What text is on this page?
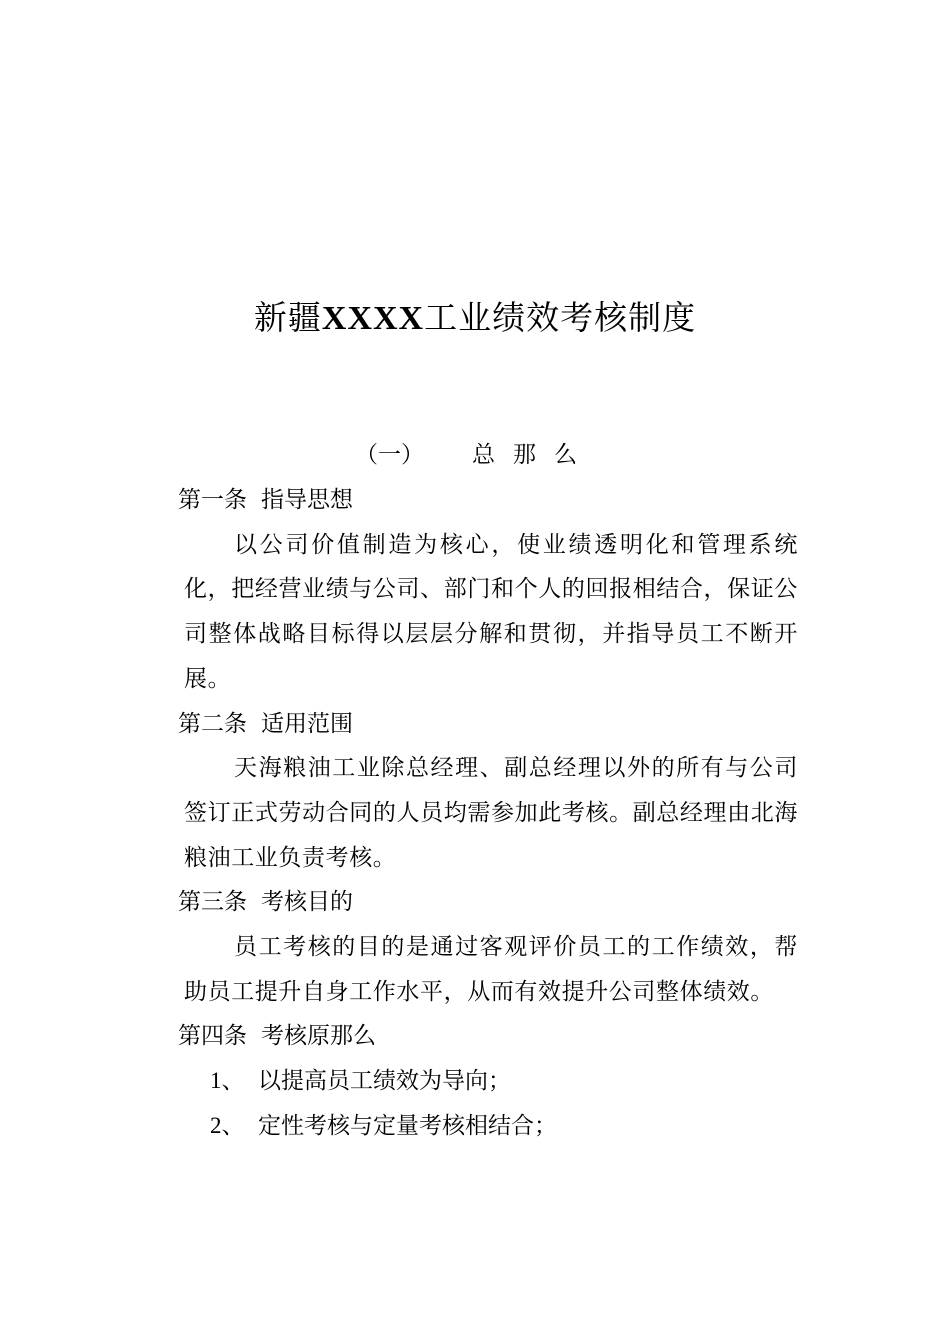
新疆XXXX工业绩效考核制度
（一） 总那么

第一条 指导思想

以公司价值制造为核心，使业绩透明化和管理系统化，把经营业绩与公司、部门和个人的回报相结合，保证公司整体战略目标得以层层分解和贯彻，并指导员工不断开展。

第二条 适用范围

天海粮油工业除总经理、副总经理以外的所有与公司签订正式劳动合同的人员均需参加此考核。副总经理由北海粮油工业负责考核。

第三条 考核目的

员工考核的目的是通过客观评价员工的工作绩效，帮助员工提升自身工作水平，从而有效提升公司整体绩效。

第四条 考核原那么

1、 以提高员工绩效为导向；

2、 定性考核与定量考核相结合；
